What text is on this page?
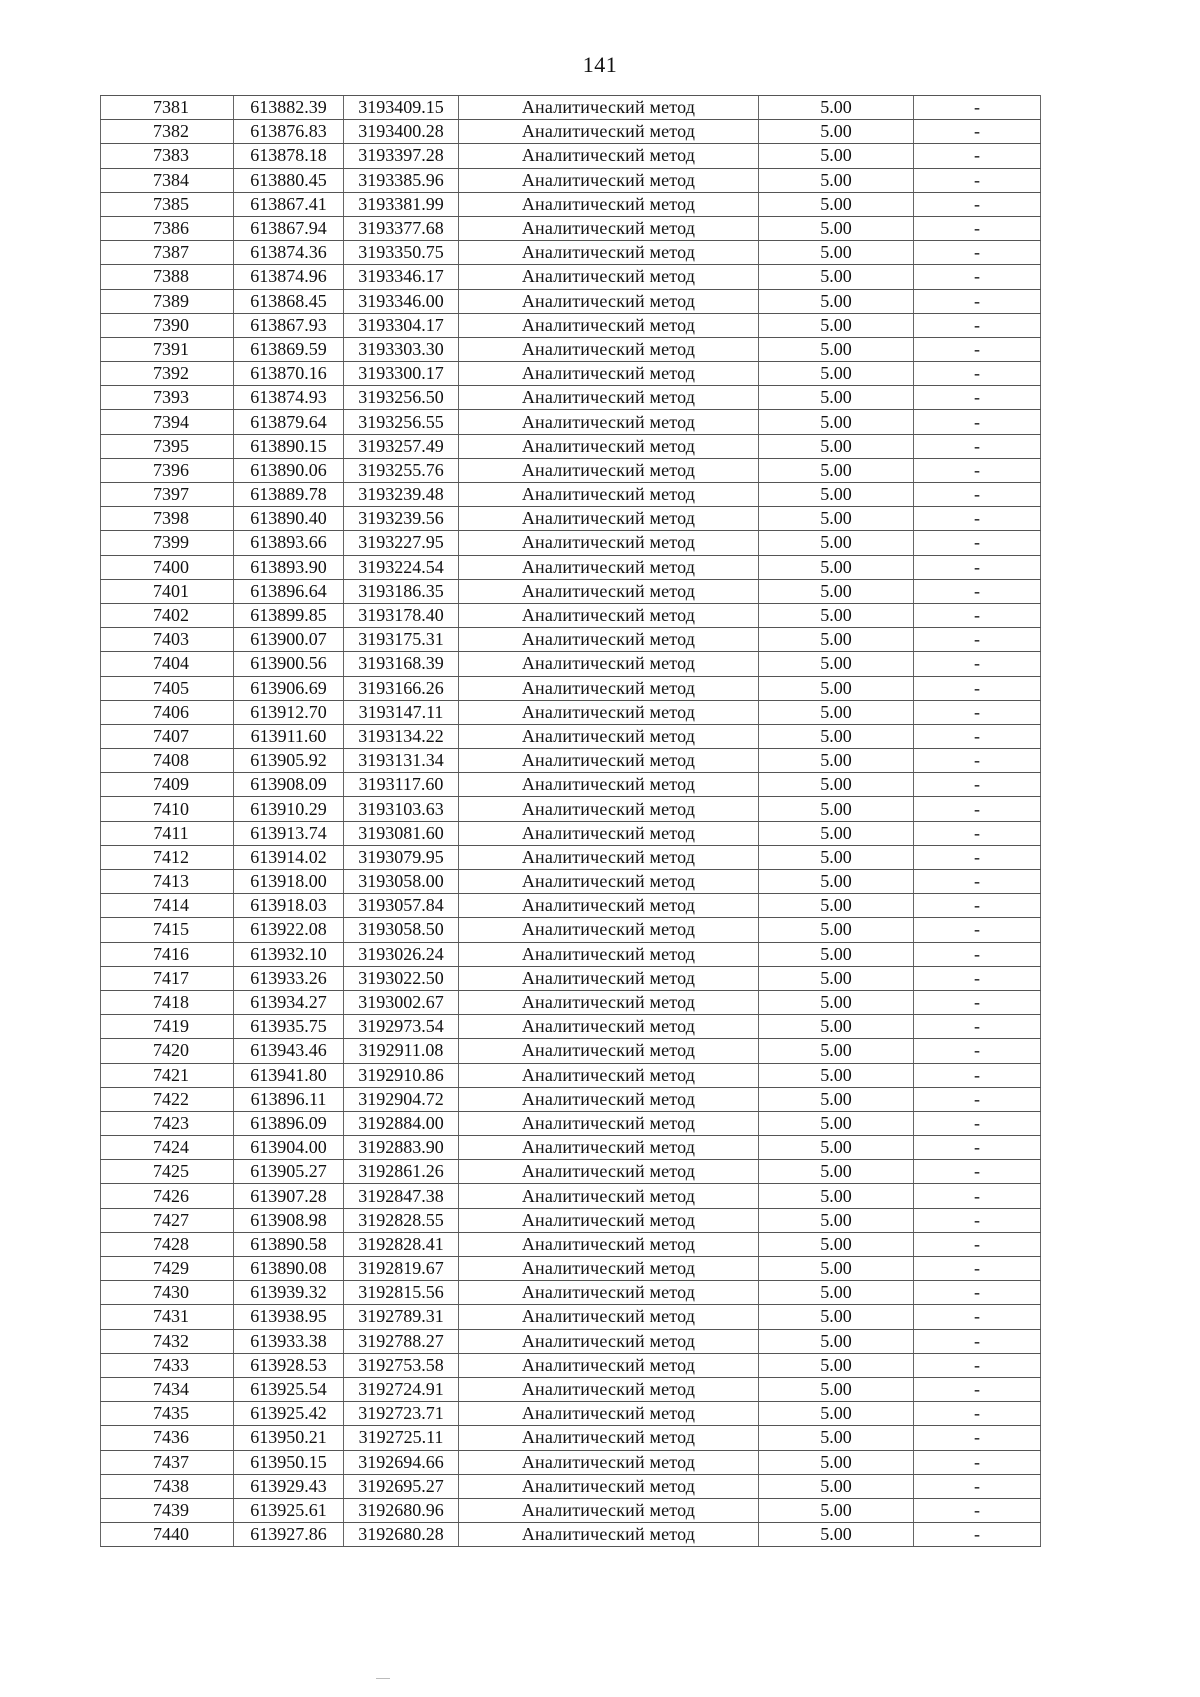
141
7381	613882.39	3193409.15	Аналитический метод	5.00	-
7382	613876.83	3193400.28	Аналитический метод	5.00	-
7383	613878.18	3193397.28	Аналитический метод	5.00	-
7384	613880.45	3193385.96	Аналитический метод	5.00	-
7385	613867.41	3193381.99	Аналитический метод	5.00	-
7386	613867.94	3193377.68	Аналитический метод	5.00	-
7387	613874.36	3193350.75	Аналитический метод	5.00	-
7388	613874.96	3193346.17	Аналитический метод	5.00	-
7389	613868.45	3193346.00	Аналитический метод	5.00	-
7390	613867.93	3193304.17	Аналитический метод	5.00	-
7391	613869.59	3193303.30	Аналитический метод	5.00	-
7392	613870.16	3193300.17	Аналитический метод	5.00	-
7393	613874.93	3193256.50	Аналитический метод	5.00	-
7394	613879.64	3193256.55	Аналитический метод	5.00	-
7395	613890.15	3193257.49	Аналитический метод	5.00	-
7396	613890.06	3193255.76	Аналитический метод	5.00	-
7397	613889.78	3193239.48	Аналитический метод	5.00	-
7398	613890.40	3193239.56	Аналитический метод	5.00	-
7399	613893.66	3193227.95	Аналитический метод	5.00	-
7400	613893.90	3193224.54	Аналитический метод	5.00	-
7401	613896.64	3193186.35	Аналитический метод	5.00	-
7402	613899.85	3193178.40	Аналитический метод	5.00	-
7403	613900.07	3193175.31	Аналитический метод	5.00	-
7404	613900.56	3193168.39	Аналитический метод	5.00	-
7405	613906.69	3193166.26	Аналитический метод	5.00	-
7406	613912.70	3193147.11	Аналитический метод	5.00	-
7407	613911.60	3193134.22	Аналитический метод	5.00	-
7408	613905.92	3193131.34	Аналитический метод	5.00	-
7409	613908.09	3193117.60	Аналитический метод	5.00	-
7410	613910.29	3193103.63	Аналитический метод	5.00	-
7411	613913.74	3193081.60	Аналитический метод	5.00	-
7412	613914.02	3193079.95	Аналитический метод	5.00	-
7413	613918.00	3193058.00	Аналитический метод	5.00	-
7414	613918.03	3193057.84	Аналитический метод	5.00	-
7415	613922.08	3193058.50	Аналитический метод	5.00	-
7416	613932.10	3193026.24	Аналитический метод	5.00	-
7417	613933.26	3193022.50	Аналитический метод	5.00	-
7418	613934.27	3193002.67	Аналитический метод	5.00	-
7419	613935.75	3192973.54	Аналитический метод	5.00	-
7420	613943.46	3192911.08	Аналитический метод	5.00	-
7421	613941.80	3192910.86	Аналитический метод	5.00	-
7422	613896.11	3192904.72	Аналитический метод	5.00	-
7423	613896.09	3192884.00	Аналитический метод	5.00	-
7424	613904.00	3192883.90	Аналитический метод	5.00	-
7425	613905.27	3192861.26	Аналитический метод	5.00	-
7426	613907.28	3192847.38	Аналитический метод	5.00	-
7427	613908.98	3192828.55	Аналитический метод	5.00	-
7428	613890.58	3192828.41	Аналитический метод	5.00	-
7429	613890.08	3192819.67	Аналитический метод	5.00	-
7430	613939.32	3192815.56	Аналитический метод	5.00	-
7431	613938.95	3192789.31	Аналитический метод	5.00	-
7432	613933.38	3192788.27	Аналитический метод	5.00	-
7433	613928.53	3192753.58	Аналитический метод	5.00	-
7434	613925.54	3192724.91	Аналитический метод	5.00	-
7435	613925.42	3192723.71	Аналитический метод	5.00	-
7436	613950.21	3192725.11	Аналитический метод	5.00	-
7437	613950.15	3192694.66	Аналитический метод	5.00	-
7438	613929.43	3192695.27	Аналитический метод	5.00	-
7439	613925.61	3192680.96	Аналитический метод	5.00	-
7440	613927.86	3192680.28	Аналитический метод	5.00	-
